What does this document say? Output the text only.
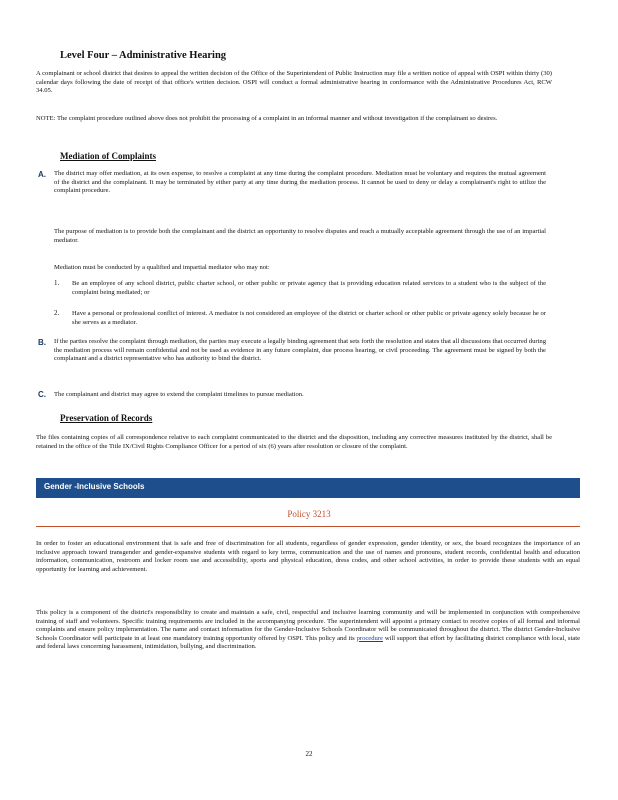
Level Four – Administrative Hearing
A complainant or school district that desires to appeal the written decision of the Office of the Superintendent of Public Instruction may file a written notice of appeal with OSPI within thirty (30) calendar days following the date of receipt of that office's written decision. OSPI will conduct a formal administrative hearing in conformance with the Administrative Procedures Act, RCW 34.05.
NOTE: The complaint procedure outlined above does not prohibit the processing of a complaint in an informal manner and without investigation if the complainant so desires.
Mediation of Complaints
A. The district may offer mediation, at its own expense, to resolve a complaint at any time during the complaint procedure. Mediation must be voluntary and requires the mutual agreement of the district and the complainant. It may be terminated by either party at any time during the mediation process. It cannot be used to deny or delay a complainant's right to utilize the complaint procedure.
The purpose of mediation is to provide both the complainant and the district an opportunity to resolve disputes and reach a mutually acceptable agreement through the use of an impartial mediator.
Mediation must be conducted by a qualified and impartial mediator who may not:
1. Be an employee of any school district, public charter school, or other public or private agency that is providing education related services to a student who is the subject of the complaint being mediated; or
2. Have a personal or professional conflict of interest. A mediator is not considered an employee of the district or charter school or other public or private agency solely because he or she serves as a mediator.
B. If the parties resolve the complaint through mediation, the parties may execute a legally binding agreement that sets forth the resolution and states that all discussions that occurred during the mediation process will remain confidential and not be used as evidence in any future complaint, due process hearing, or civil proceeding. The agreement must be signed by both the complainant and a district representative who has authority to bind the district.
C. The complainant and district may agree to extend the complaint timelines to pursue mediation.
Preservation of Records
The files containing copies of all correspondence relative to each complaint communicated to the district and the disposition, including any corrective measures instituted by the district, shall be retained in the office of the Title IX/Civil Rights Compliance Officer for a period of six (6) years after resolution or closure of the complaint.
Gender -Inclusive Schools
Policy 3213
In order to foster an educational environment that is safe and free of discrimination for all students, regardless of gender expression, gender identity, or sex, the board recognizes the importance of an inclusive approach toward transgender and gender-expansive students with regard to key terms, communication and the use of names and pronouns, student records, confidential health and education information, communication, restroom and locker room use and accessibility, sports and physical education, dress codes, and other school activities, in order to provide these students with an equal opportunity for learning and achievement.
This policy is a component of the district's responsibility to create and maintain a safe, civil, respectful and inclusive learning community and will be implemented in conjunction with comprehensive training of staff and volunteers. Specific training requirements are included in the accompanying procedure. The superintendent will appoint a primary contact to receive copies of all formal and informal complaints and ensure policy implementation. The name and contact information for the Gender-Inclusive Schools Coordinator will be communicated throughout the district. The district Gender-Inclusive Schools Coordinator will participate in at least one mandatory training opportunity offered by OSPI. This policy and its procedure will support that effort by facilitating district compliance with local, state and federal laws concerning harassment, intimidation, bullying, and discrimination.
22
